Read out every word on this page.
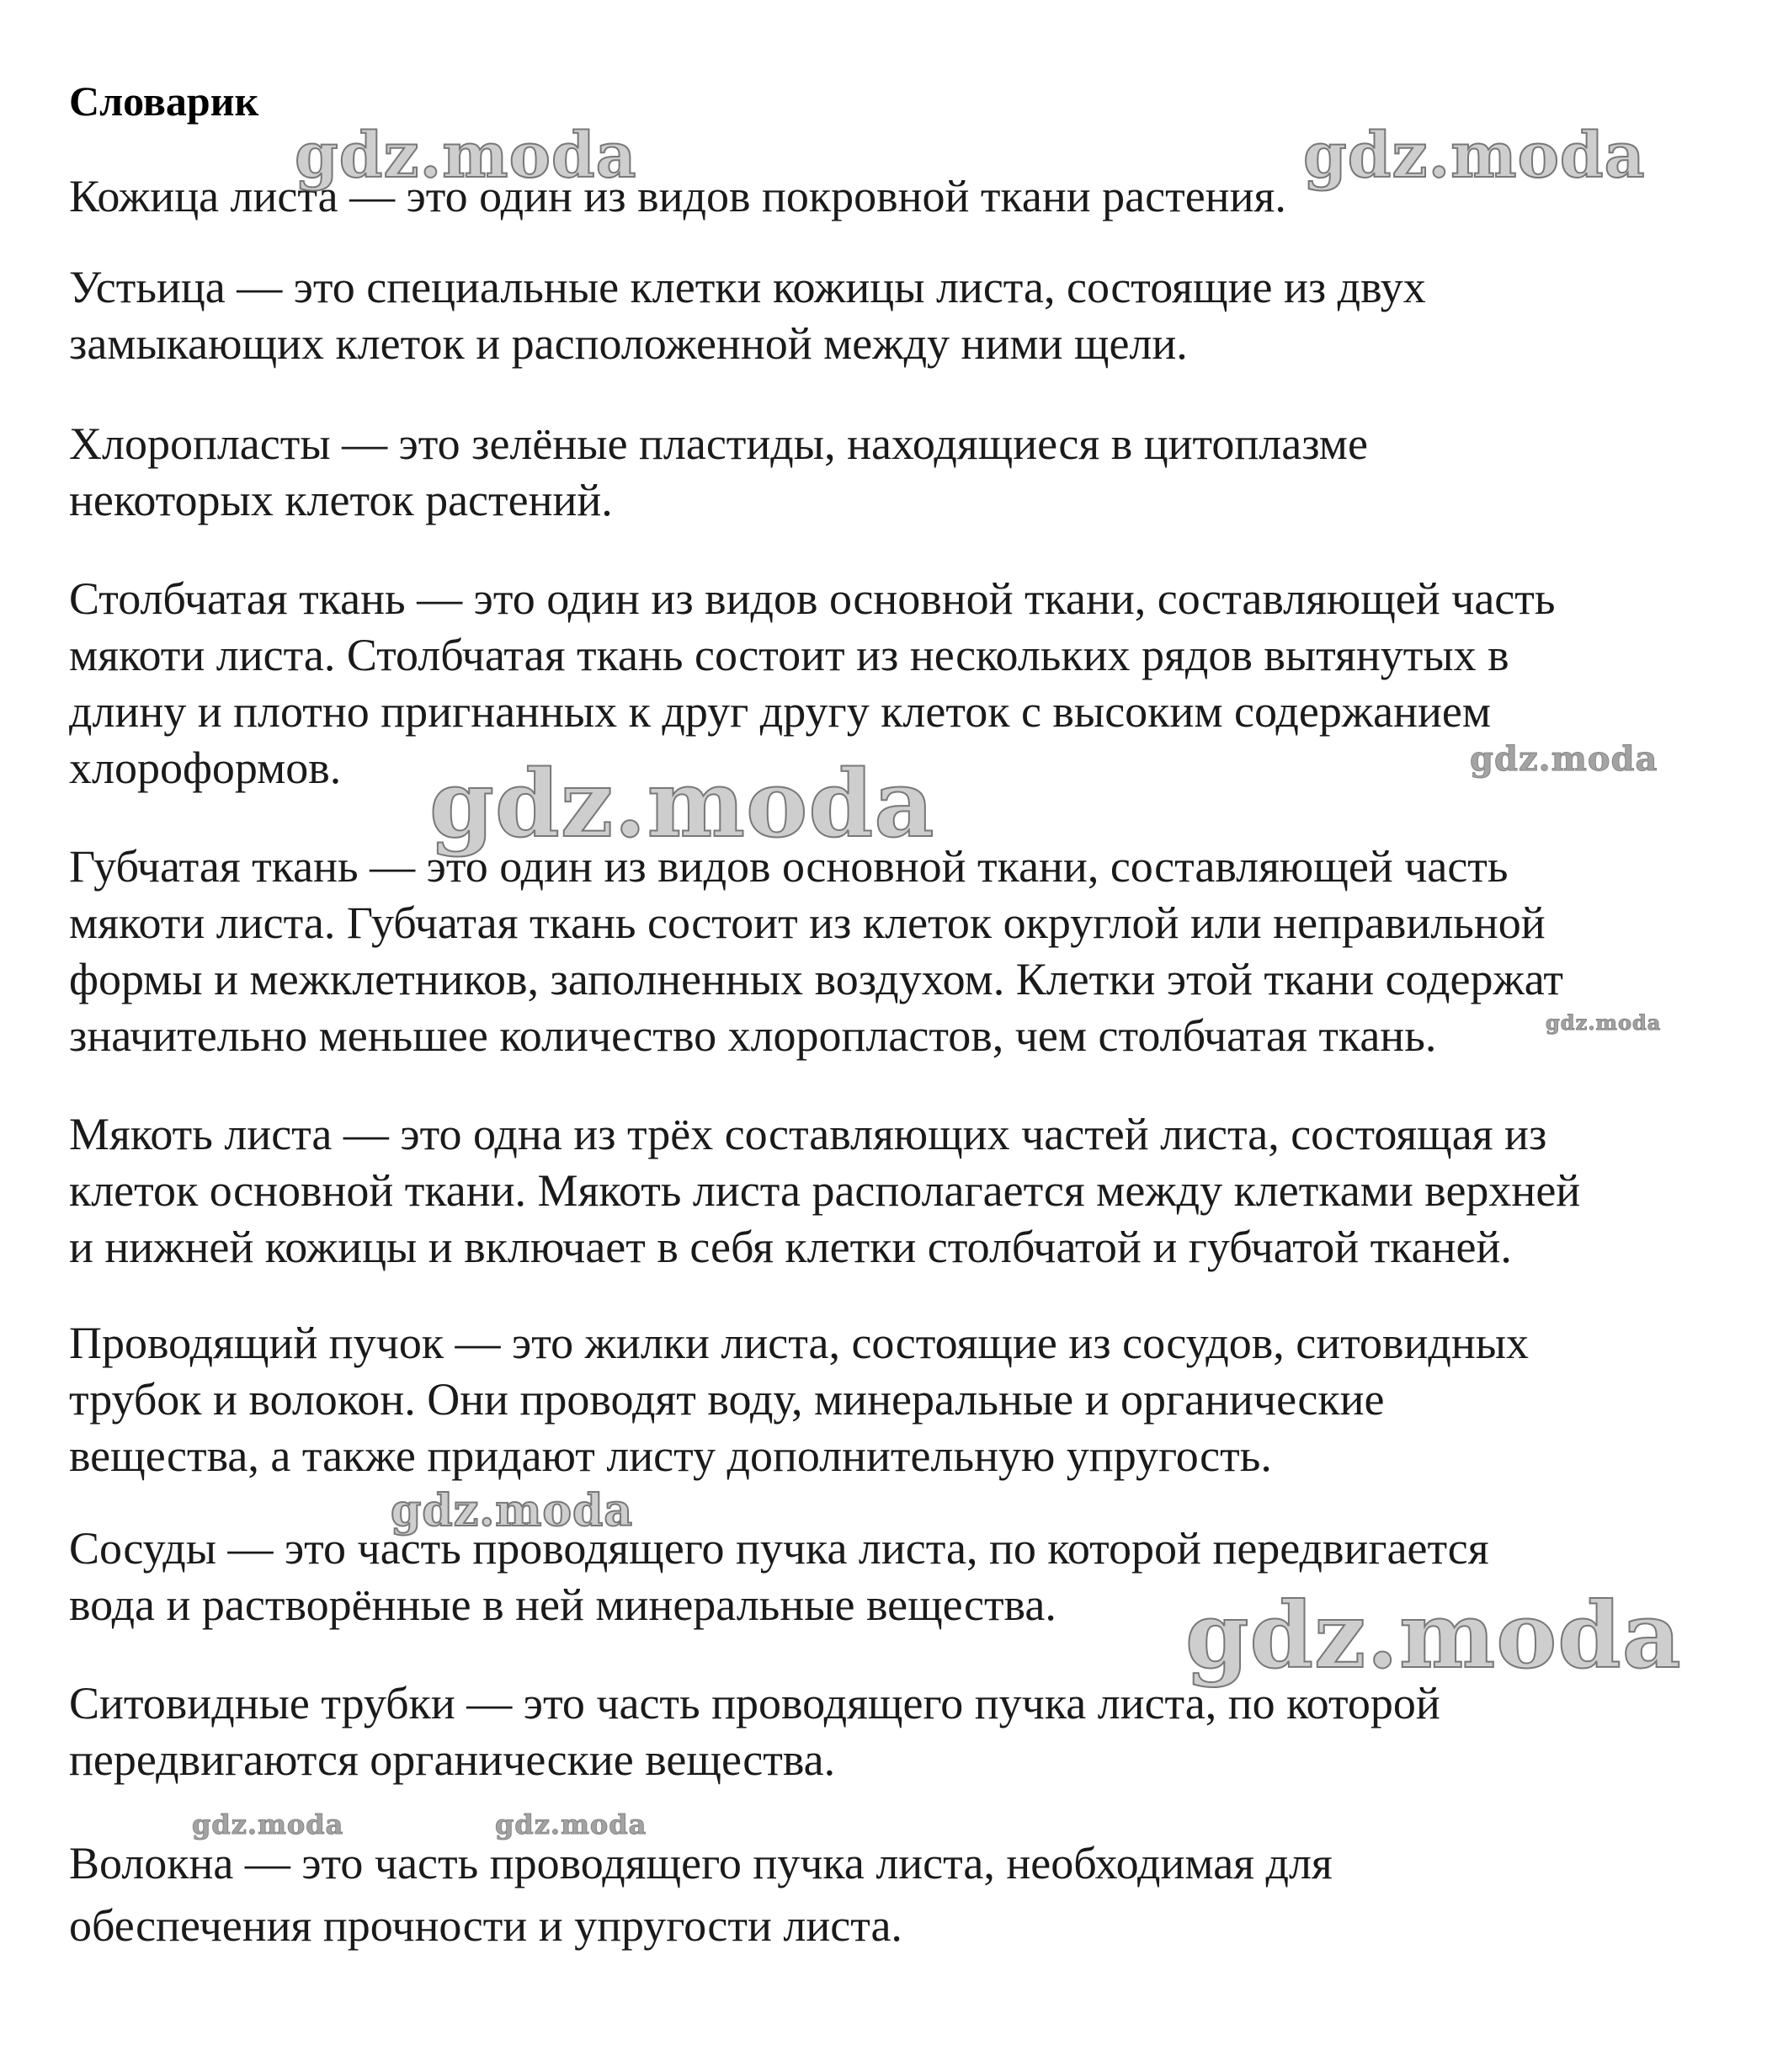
Словарик

Кожица листа — это один из видов покровной ткани растения.

Устьица — это специальные клетки кожицы листа, состоящие из двух
замыкающих клеток и расположенной между ними щели.

Хлоропласты — это зелёные пластиды, находящиеся в цитоплазме
некоторых клеток растений.

Столбчатая ткань — это один из видов основной ткани, составляющей часть
мякоти листа. Столбчатая ткань состоит из нескольких рядов вытянутых в
длину и плотно пригнанных к друг другу клеток с высоким содержанием
хлороформов.

Губчатая ткань — это один из видов основной ткани, составляющей часть
мякоти листа. Губчатая ткань состоит из клеток округлой или неправильной
формы и межклетников, заполненных воздухом. Клетки этой ткани содержат
значительно меньшее количество хлоропластов, чем столбчатая ткань.

Мякоть листа — это одна из трёх составляющих частей листа, состоящая из
клеток основной ткани. Мякоть листа располагается между клетками верхней
и нижней кожицы и включает в себя клетки столбчатой и губчатой тканей.

Проводящий пучок — это жилки листа, состоящие из сосудов, ситовидных
трубок и волокон. Они проводят воду, минеральные и органические
вещества, а также придают листу дополнительную упругость.

Сосуды — это часть проводящего пучка листа, по которой передвигается
вода и растворённые в ней минеральные вещества.

Ситовидные трубки — это часть проводящего пучка листа, по которой
передвигаются органические вещества.

Волокна — это часть проводящего пучка листа, необходимая для
обеспечения прочности и упругости листа.

gdz.moda	gdz.moda
gdz.moda
gdz.moda
gdz.moda
gdz.moda
gdz.moda
gdz.moda	gdz.moda
